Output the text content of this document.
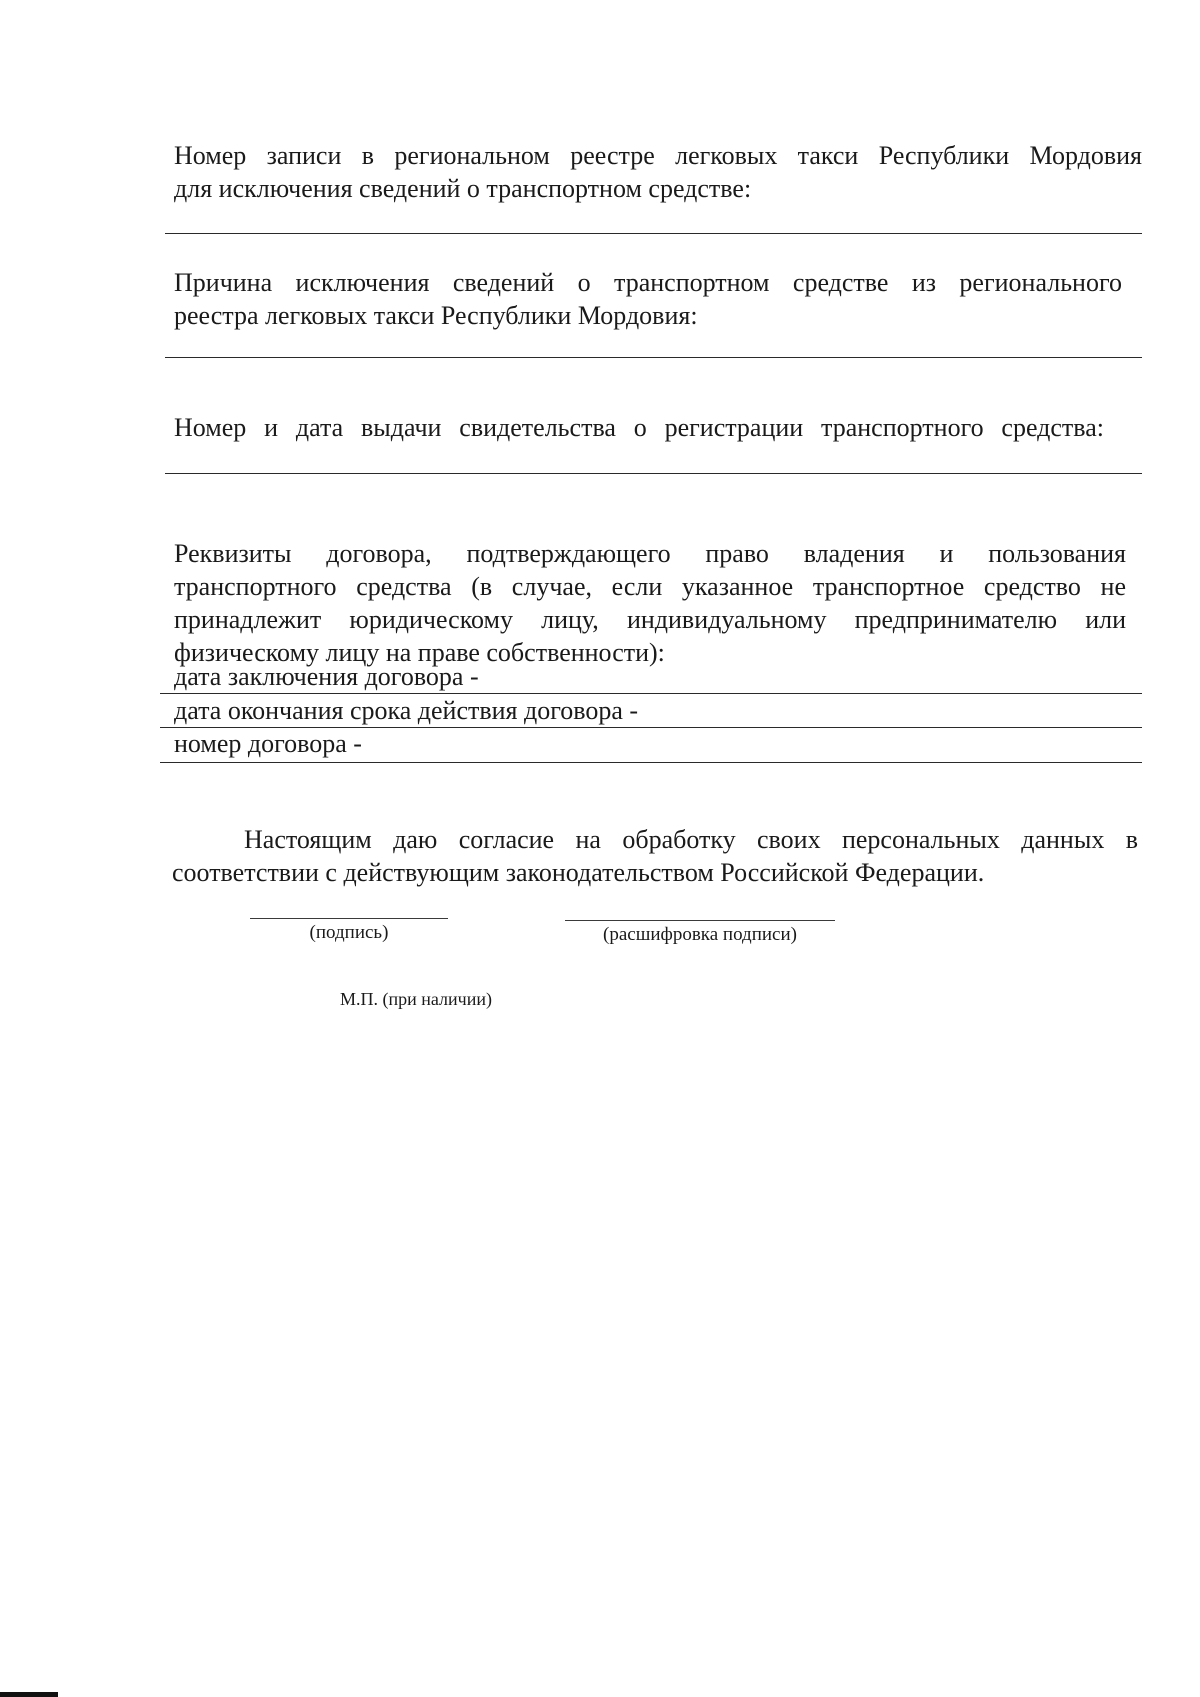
Номер записи в региональном реестре легковых такси Республики Мордовия
для исключения сведений о транспортном средстве:
Причина исключения сведений о транспортном средстве из регионального
реестра легковых такси Республики Мордовия:
Номер и дата выдачи свидетельства о регистрации транспортного средства:
Реквизиты договора, подтверждающего право владения и пользования
транспортного средства (в случае, если указанное транспортное средство не
принадлежит юридическому лицу, индивидуальному предпринимателю или
физическому лицу на праве собственности):
дата заключения договора -
дата окончания срока действия договора -
номер договора -
Настоящим даю согласие на обработку своих персональных данных в
соответствии с действующим законодательством Российской Федерации.
(подпись)	(расшифровка подписи)
М.П. (при наличии)
